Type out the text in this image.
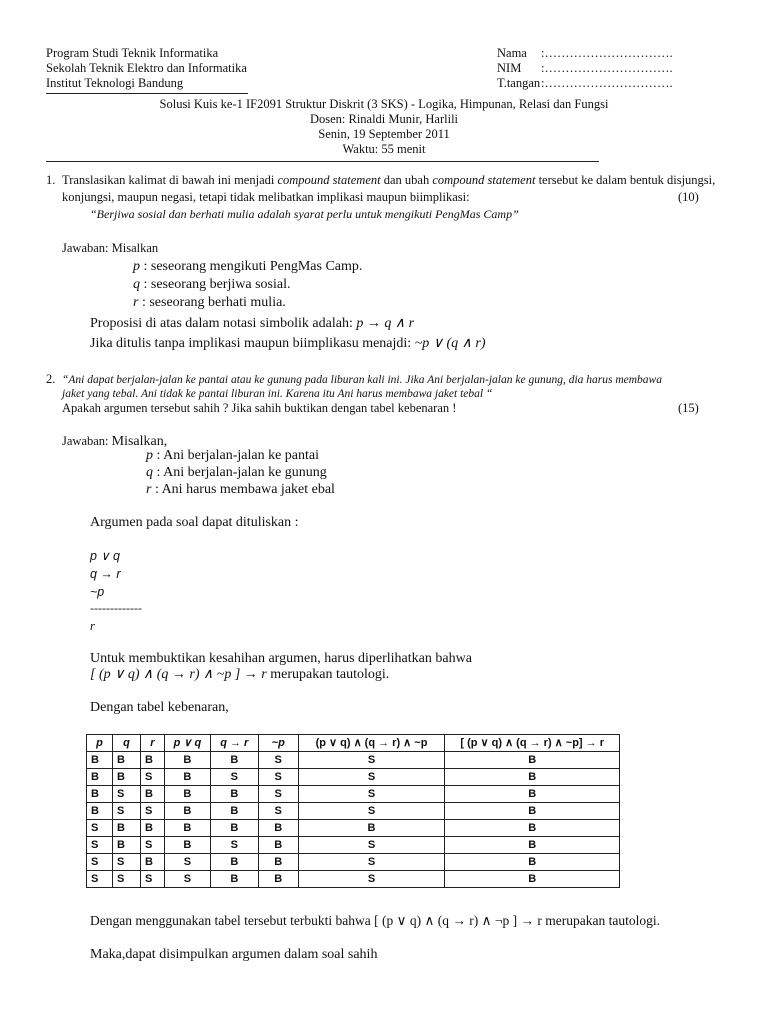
Program Studi Teknik Informatika
Sekolah Teknik Elektro dan Informatika
Institut Teknologi Bandung
Nama :………………………….
NIM :………………………….
T.tangan :………………………….
Solusi Kuis ke-1 IF2091 Struktur Diskrit (3 SKS) - Logika, Himpunan, Relasi dan Fungsi
Dosen: Rinaldi Munir, Harlili
Senin, 19 September 2011
Waktu: 55 menit
1. Translasikan kalimat di bawah ini menjadi compound statement dan ubah compound statement tersebut ke dalam bentuk disjungsi,
konjungsi, maupun negasi, tetapi tidak melibatkan implikasi maupun biimplikasi:	(10)
“Berjiwa sosial dan berhati mulia adalah syarat perlu untuk mengikuti PengMas Camp”
Jawaban: Misalkan
p : seseorang mengikuti PengMas Camp.
q : seseorang berjiwa sosial.
r : seseorang berhati mulia.
Proposisi di atas dalam notasi simbolik adalah: p → q ∧ r
Jika ditulis tanpa implikasi maupun biimplikasu menajdi: ~p ∨ (q ∧ r)
2. “Ani dapat berjalan-jalan ke pantai atau ke gunung pada liburan kali ini. Jika Ani berjalan-jalan ke gunung, dia harus membawa
jaket yang tebal. Ani tidak ke pantai liburan ini. Karena itu Ani harus membawa jaket tebal “
Apakah argumen tersebut sahih ? Jika sahih buktikan dengan tabel kebenaran !	(15)
Jawaban: Misalkan,
p : Ani berjalan-jalan ke pantai
q : Ani berjalan-jalan ke gunung
r : Ani harus membawa jaket ebal
Argumen pada soal dapat dituliskan :
p ∨ q
q → r
~p
-------------
r
Untuk membuktikan kesahihan argumen, harus diperlihatkan bahwa
[ (p ∨ q) ∧ (q → r) ∧ ~p ] → r merupakan tautologi.
Dengan tabel kebenaran,
p	q	r	p ∨ q	q → r	~p	(p ∨ q) ∧ (q → r) ∧ ~p	[ (p ∨ q) ∧ (q → r) ∧ ~p] → r
B	B	B	B	B	S	S	B
B	B	S	B	S	S	S	B
B	S	B	B	B	S	S	B
B	S	S	B	B	S	S	B
S	B	B	B	B	B	B	B
S	B	S	B	S	B	S	B
S	S	B	S	B	B	S	B
S	S	S	S	B	B	S	B
Dengan menggunakan tabel tersebut terbukti bahwa [ (p ∨ q) ∧ (q → r) ∧ ¬p ] → r merupakan tautologi.
Maka,dapat disimpulkan argumen dalam soal sahih
